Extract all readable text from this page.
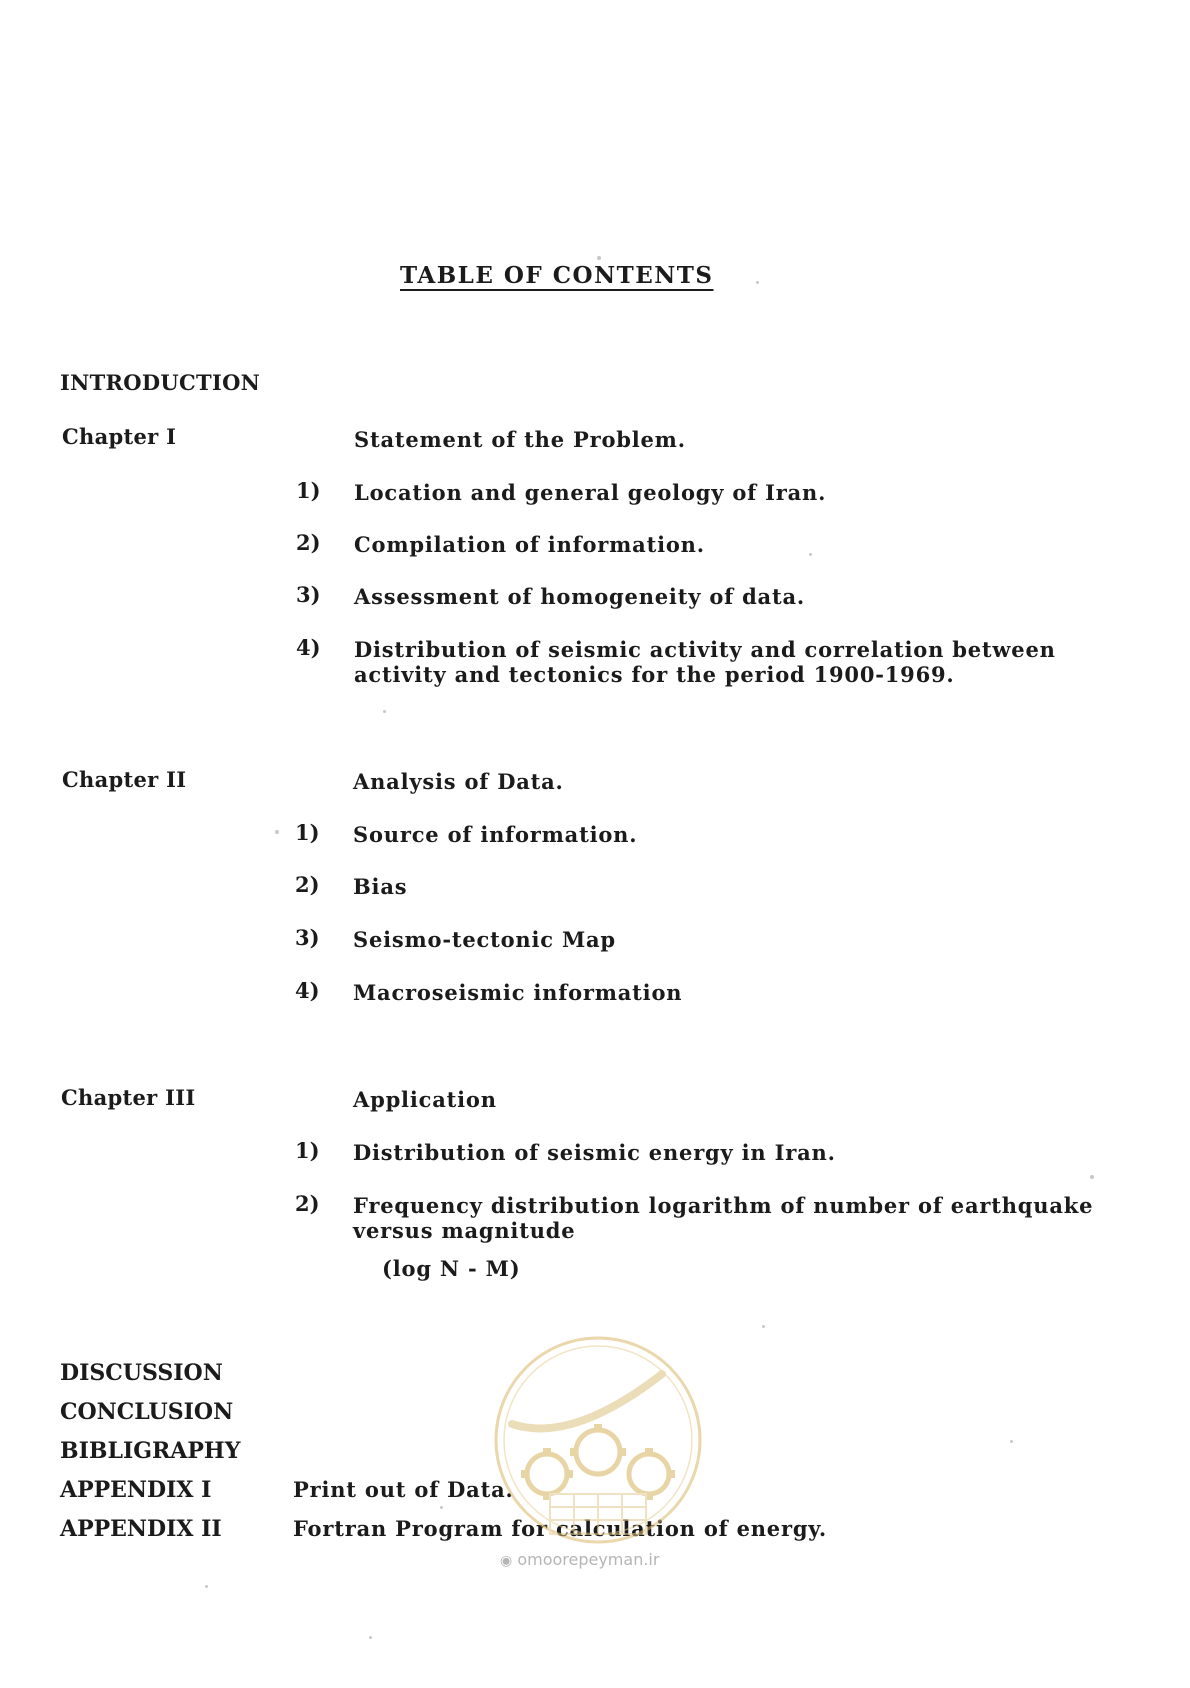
TABLE OF CONTENTS
INTRODUCTION
Chapter I	Statement of the Problem.
1) Location and general geology of Iran.
2) Compilation of information.
3) Assessment of homogeneity of data.
4) Distribution of seismic activity and correlation between activity and tectonics for the period 1900-1969.
Chapter II	Analysis of Data.
1) Source of information.
2) Bias
3) Seismo-tectonic Map
4) Macroseismic information
Chapter III	Application
1) Distribution of seismic energy in Iran.
2) Frequency distribution logarithm of number of earthquake versus magnitude
(log N - M)
DISCUSSION
CONCLUSION
BIBLIGRAPHY
APPENDIX I	Print out of Data.
APPENDIX II	Fortran Program for calculation of energy.
◉ omoorepeyman.ir
